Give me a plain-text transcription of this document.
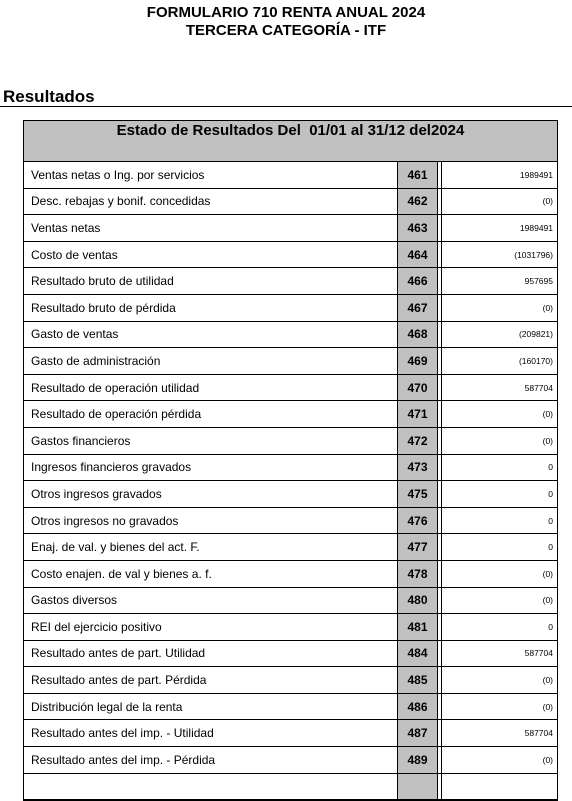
FORMULARIO 710 RENTA ANUAL 2024
TERCERA CATEGORÍA - ITF
Resultados
Estado de Resultados Del  01/01 al 31/12 del2024
Ventas netas o Ing. por servicios	461	1989491
Desc. rebajas y bonif. concedidas	462	(0)
Ventas netas	463	1989491
Costo de ventas	464	(1031796)
Resultado bruto de utilidad	466	957695
Resultado bruto de pérdida	467	(0)
Gasto de ventas	468	(209821)
Gasto de administración	469	(160170)
Resultado de operación utilidad	470	587704
Resultado de operación pérdida	471	(0)
Gastos financieros	472	(0)
Ingresos financieros gravados	473	0
Otros ingresos gravados	475	0
Otros ingresos no gravados	476	0
Enaj. de val. y bienes del act. F.	477	0
Costo enajen. de val y bienes a. f.	478	(0)
Gastos diversos	480	(0)
REI del ejercicio positivo	481	0
Resultado antes de part. Utilidad	484	587704
Resultado antes de part. Pérdida	485	(0)
Distribución legal de la renta	486	(0)
Resultado antes del imp. - Utilidad	487	587704
Resultado antes del imp. - Pérdida	489	(0)
